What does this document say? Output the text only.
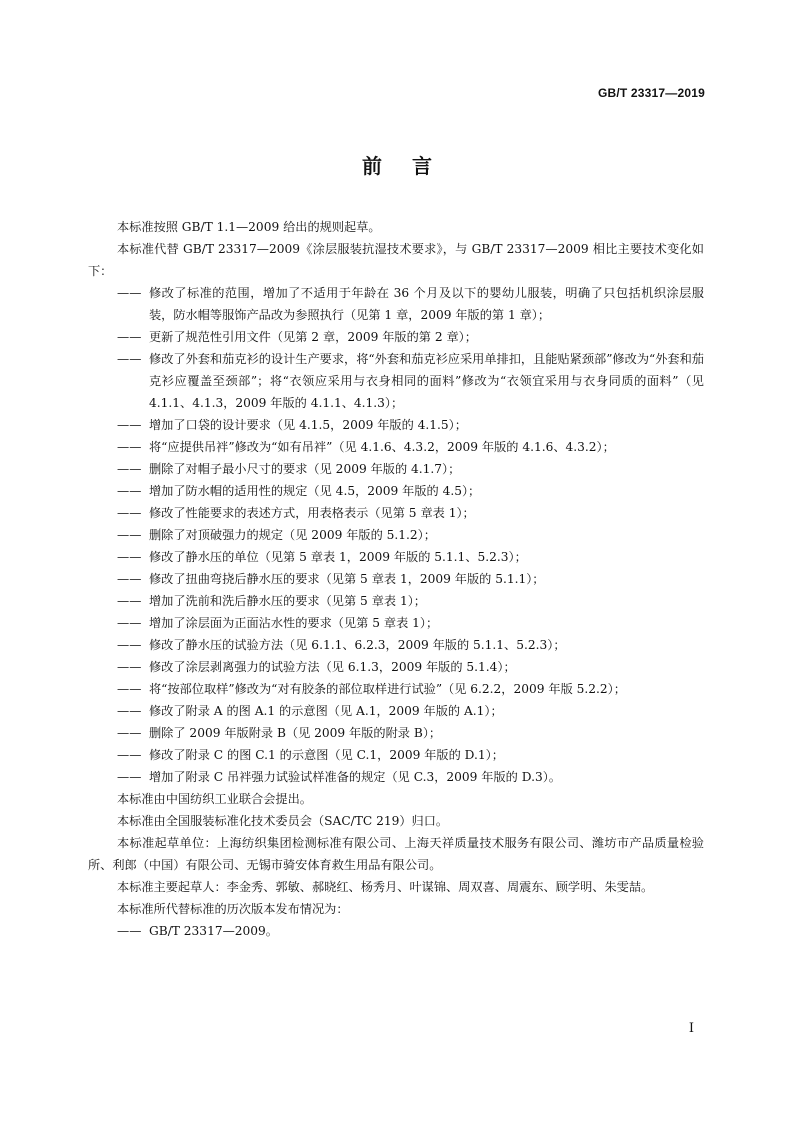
GB/T 23317—2019
前言

本标准按照 GB/T 1.1—2009 给出的规则起草。

本标准代替 GB/T 23317—2009《涂层服装抗湿技术要求》，与 GB/T 23317—2009 相比主要技术变化如下：

—— 修改了标准的范围，增加了不适用于年龄在 36 个月及以下的婴幼儿服装，明确了只包括机织涂层服装，防水帽等服饰产品改为参照执行（见第 1 章，2009 年版的第 1 章）；
—— 更新了规范性引用文件（见第 2 章，2009 年版的第 2 章）；
—— 修改了外套和茄克衫的设计生产要求，将“外套和茄克衫应采用单排扣，且能贴紧颈部”修改为“外套和茄克衫应覆盖至颈部”；将“衣领应采用与衣身相同的面料”修改为“衣领宜采用与衣身同质的面料”（见 4.1.1、4.1.3，2009 年版的 4.1.1、4.1.3）；
—— 增加了口袋的设计要求（见 4.1.5，2009 年版的 4.1.5）；
—— 将“应提供吊袢”修改为“如有吊袢”（见 4.1.6、4.3.2，2009 年版的 4.1.6、4.3.2）；
—— 删除了对帽子最小尺寸的要求（见 2009 年版的 4.1.7）；
—— 增加了防水帽的适用性的规定（见 4.5，2009 年版的 4.5）；
—— 修改了性能要求的表述方式，用表格表示（见第 5 章表 1）；
—— 删除了对顶破强力的规定（见 2009 年版的 5.1.2）；
—— 修改了静水压的单位（见第 5 章表 1，2009 年版的 5.1.1、5.2.3）；
—— 修改了扭曲弯挠后静水压的要求（见第 5 章表 1，2009 年版的 5.1.1）；
—— 增加了洗前和洗后静水压的要求（见第 5 章表 1）；
—— 增加了涂层面为正面沾水性的要求（见第 5 章表 1）；
—— 修改了静水压的试验方法（见 6.1.1、6.2.3，2009 年版的 5.1.1、5.2.3）；
—— 修改了涂层剥离强力的试验方法（见 6.1.3，2009 年版的 5.1.4）；
—— 将“按部位取样”修改为“对有胶条的部位取样进行试验”（见 6.2.2，2009 年版 5.2.2）；
—— 修改了附录 A 的图 A.1 的示意图（见 A.1，2009 年版的 A.1）；
—— 删除了 2009 年版附录 B（见 2009 年版的附录 B）；
—— 修改了附录 C 的图 C.1 的示意图（见 C.1，2009 年版的 D.1）；
—— 增加了附录 C 吊袢强力试验试样准备的规定（见 C.3，2009 年版的 D.3）。

本标准由中国纺织工业联合会提出。

本标准由全国服装标准化技术委员会（SAC/TC 219）归口。

本标准起草单位：上海纺织集团检测标准有限公司、上海天祥质量技术服务有限公司、潍坊市产品质量检验所、利郎（中国）有限公司、无锡市骑安体育救生用品有限公司。

本标准主要起草人：李金秀、郭敏、郝晓红、杨秀月、叶谋锦、周双喜、周震东、顾学明、朱雯喆。

本标准所代替标准的历次版本发布情况为：

—— GB/T 23317—2009。
I
